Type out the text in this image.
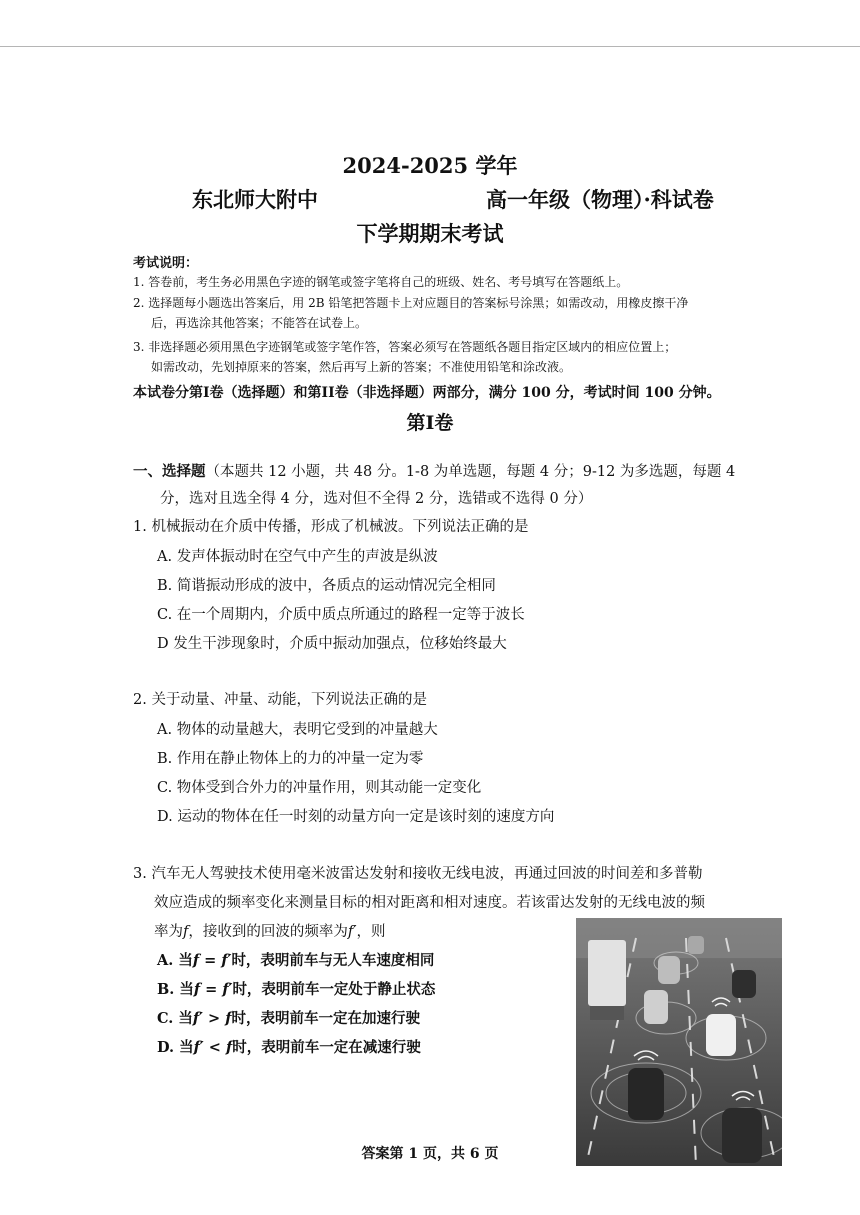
2024-2025 学年
东北师大附中	高一年级（物理）·科试卷
下学期期末考试
考试说明：
1. 答卷前，考生务必用黑色字迹的钢笔或签字笔将自己的班级、姓名、考号填写在答题纸上。
2. 选择题每小题选出答案后，用 2B 铅笔把答题卡上对应题目的答案标号涂黑；如需改动，用橡皮擦干净
后，再选涂其他答案；不能答在试卷上。
3. 非选择题必须用黑色字迹钢笔或签字笔作答，答案必须写在答题纸各题目指定区域内的相应位置上；
如需改动，先划掉原来的答案，然后再写上新的答案；不准使用铅笔和涂改液。
本试卷分第I卷（选择题）和第II卷（非选择题）两部分，满分 100 分，考试时间 100 分钟。
第I卷
一、选择题（本题共 12 小题，共 48 分。1-8 为单选题，每题 4 分；9-12 为多选题，每题 4
分，选对且选全得 4 分，选对但不全得 2 分，选错或不选得 0 分）
1. 机械振动在介质中传播，形成了机械波。下列说法正确的是
A. 发声体振动时在空气中产生的声波是纵波
B. 简谐振动形成的波中，各质点的运动情况完全相同
C. 在一个周期内，介质中质点所通过的路程一定等于波长
D 发生干涉现象时，介质中振动加强点，位移始终最大
2. 关于动量、冲量、动能，下列说法正确的是
A. 物体的动量越大，表明它受到的冲量越大
B. 作用在静止物体上的力的冲量一定为零
C. 物体受到合外力的冲量作用，则其动能一定变化
D. 运动的物体在任一时刻的动量方向一定是该时刻的速度方向
3. 汽车无人驾驶技术使用毫米波雷达发射和接收无线电波，再通过回波的时间差和多普勒
效应造成的频率变化来测量目标的相对距离和相对速度。若该雷达发射的无线电波的频
率为f，接收到的回波的频率为f′，则
A. 当f = f′时，表明前车与无人车速度相同
B. 当f = f′时，表明前车一定处于静止状态
C. 当f′ > f时，表明前车一定在加速行驶
D. 当f′ < f时，表明前车一定在减速行驶
答案第 1 页，共 6 页
